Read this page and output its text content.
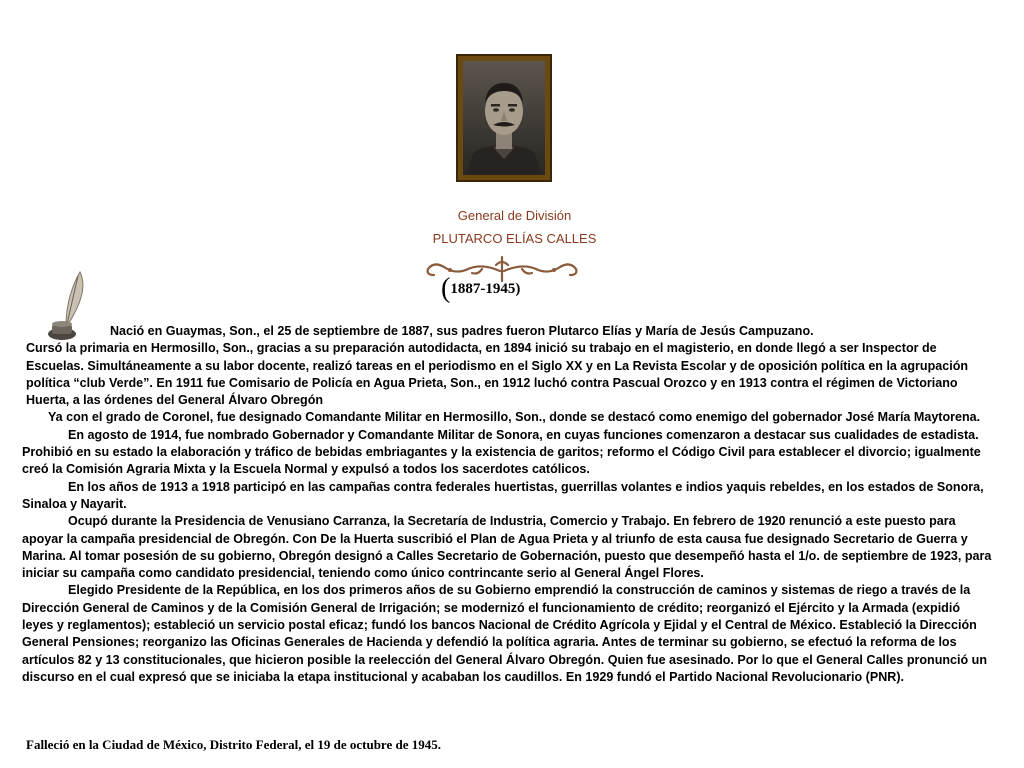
General de División
PLUTARCO ELÍAS CALLES
(1887-1945)

Nació en Guaymas, Son., el 25 de septiembre de 1887, sus padres fueron Plutarco Elías y María de Jesús Campuzano.

Cursó la primaria en Hermosillo, Son., gracias a su preparación autodidacta, en 1894 inició su trabajo en el magisterio, en donde llegó a ser Inspector de Escuelas. Simultáneamente a su labor docente, realizó tareas en el periodismo en el Siglo XX y en La Revista Escolar y de oposición política en la agrupación política “club Verde”. En 1911 fue Comisario de Policía en Agua Prieta, Son., en 1912 luchó contra Pascual Orozco y en 1913 contra el régimen de Victoriano Huerta, a las órdenes del General Álvaro Obregón

Ya con el grado de Coronel, fue designado Comandante Militar en Hermosillo, Son., donde se destacó como enemigo del gobernador José María Maytorena.

En agosto de 1914, fue nombrado Gobernador y Comandante Militar de Sonora, en cuyas funciones comenzaron a destacar sus cualidades de estadista. Prohibió en su estado la elaboración y tráfico de bebidas embriagantes y la existencia de garitos; reformo el Código Civil para establecer el divorcio; igualmente creó la Comisión Agraria Mixta y la Escuela Normal y expulsó a todos los sacerdotes católicos.

En los años de 1913 a 1918 participó en las campañas contra federales huertistas, guerrillas volantes e indios yaquis rebeldes, en los estados de Sonora, Sinaloa y Nayarit.

Ocupó durante la Presidencia de Venusiano Carranza, la Secretaría de Industria, Comercio y Trabajo. En febrero de 1920 renunció a este puesto para apoyar la campaña presidencial de Obregón. Con De la Huerta suscribió el Plan de Agua Prieta y al triunfo de esta causa fue designado Secretario de Guerra y Marina. Al tomar posesión de su gobierno, Obregón designó a Calles Secretario de Gobernación, puesto que desempeñó hasta el 1/o. de septiembre de 1923, para iniciar su campaña como candidato presidencial, teniendo como único contrincante serio al General Ángel Flores.

Elegido Presidente de la República, en los dos primeros años de su Gobierno emprendió la construcción de caminos y sistemas de riego a través de la Dirección General de Caminos y de la Comisión General de Irrigación; se modernizó el funcionamiento de crédito; reorganizó el Ejército y la Armada (expidió leyes y reglamentos); estableció un servicio postal eficaz; fundó los bancos Nacional de Crédito Agrícola y Ejidal y el Central de México. Estableció la Dirección General Pensiones; reorganizo las Oficinas Generales de Hacienda y defendió la política agraria. Antes de terminar su gobierno, se efectuó la reforma de los artículos 82 y 13 constitucionales, que hicieron posible la reelección del General Álvaro Obregón. Quien fue asesinado. Por lo que el General Calles pronunció un discurso en el cual expresó que se iniciaba la etapa institucional y acababan los caudillos. En 1929 fundó el Partido Nacional Revolucionario (PNR).

Falleció en la Ciudad de México, Distrito Federal, el 19 de octubre de 1945.
